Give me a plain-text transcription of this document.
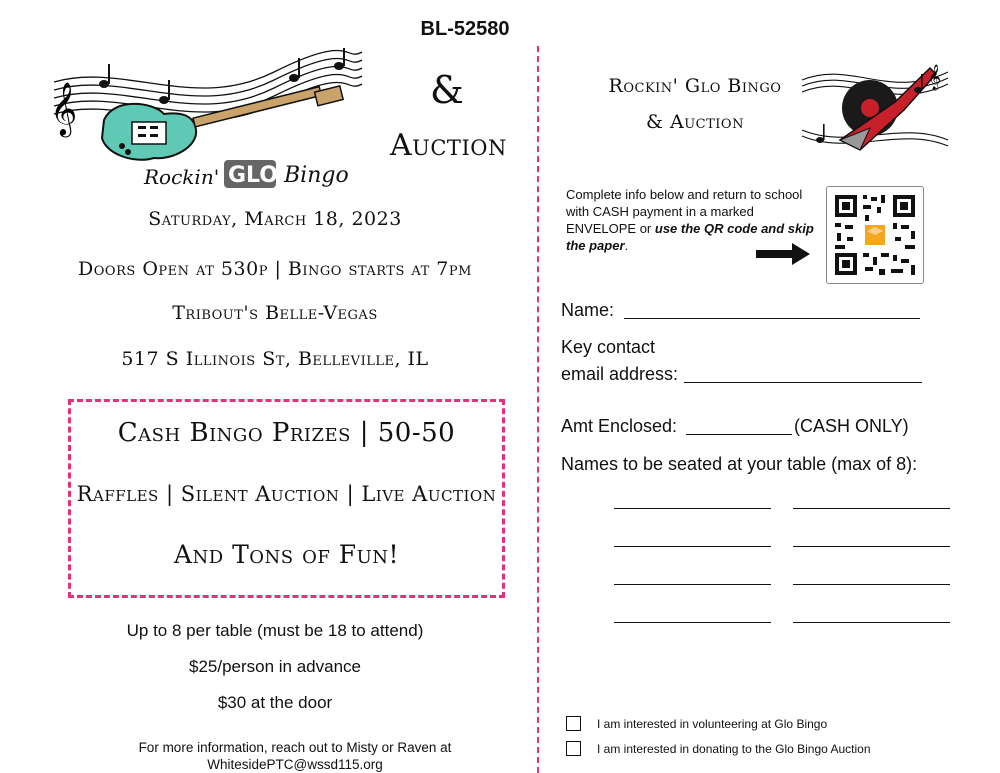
BL-52580
𝄞
Rockin' GLO Bingo
&
Auction
Saturday, March 18, 2023
Doors Open at 530p | Bingo starts at 7pm
Tribout's Belle-Vegas
517 S Illinois St, Belleville, IL
Cash Bingo Prizes | 50-50
Raffles | Silent Auction | Live Auction
And Tons of Fun!
Up to 8 per table (must be 18 to attend)
$25/person in advance
$30 at the door
For more information, reach out to Misty or Raven at
WhitesidePTC@wssd115.org
Rockin' Glo Bingo
& Auction
𝄞
Complete info below and return to school with CASH payment in a marked ENVELOPE or use the QR code and skip the paper.
Name:
Key contact
email address:
Amt Enclosed:	(CASH ONLY)
Names to be seated at your table (max of 8):
I am interested in volunteering at Glo Bingo
I am interested in donating to the Glo Bingo Auction
